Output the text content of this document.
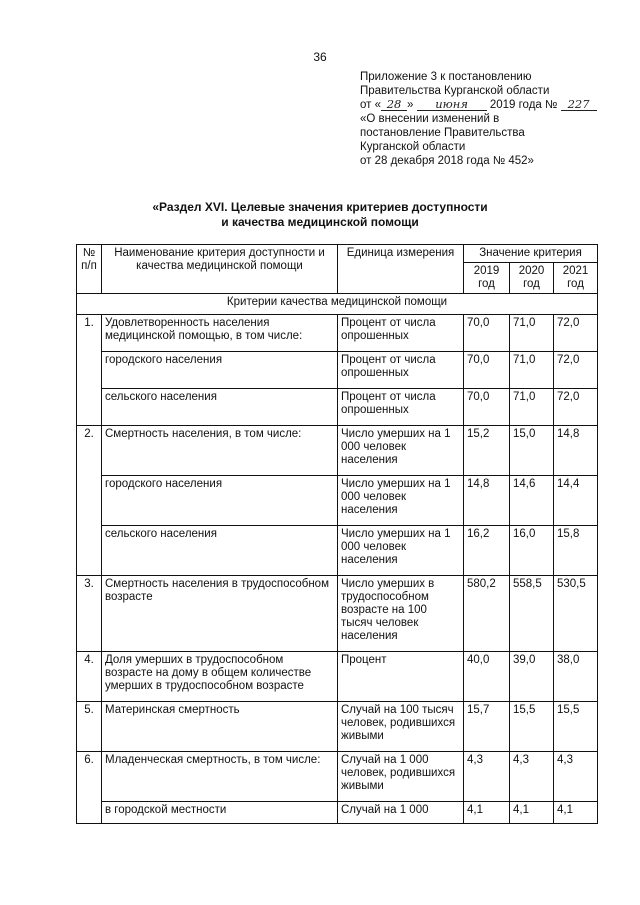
36
Приложение 3 к постановлению
Правительства Курганской области
от « 28 » июня 2019 года № 227
«О внесении изменений в
постановление Правительства
Курганской области
от 28 декабря 2018 года № 452»
«Раздел XVI. Целевые значения критериев доступности
и качества медицинской помощи
№ п/п	Наименование критерия доступности и качества медицинской помощи	Единица измерения	Значение критерия		
			2019 год	2020 год	2021 год
Критерии качества медицинской помощи					
1.	Удовлетворенность населения медицинской помощью, в том числе:	Процент от числа опрошенных	70,0	71,0	72,0
	городского населения	Процент от числа опрошенных	70,0	71,0	72,0
	сельского населения	Процент от числа опрошенных	70,0	71,0	72,0
2.	Смертность населения, в том числе:	Число умерших на 1 000 человек населения	15,2	15,0	14,8
	городского населения	Число умерших на 1 000 человек населения	14,8	14,6	14,4
	сельского населения	Число умерших на 1 000 человек населения	16,2	16,0	15,8
3.	Смертность населения в трудоспособном возрасте	Число умерших в трудоспособном возрасте на 100 тысяч человек населения	580,2	558,5	530,5
4.	Доля умерших в трудоспособном возрасте на дому в общем количестве умерших в трудоспособном возрасте	Процент	40,0	39,0	38,0
5.	Материнская смертность	Случай на 100 тысяч человек, родившихся живыми	15,7	15,5	15,5
6.	Младенческая смертность, в том числе:	Случай на 1 000 человек, родившихся живыми	4,3	4,3	4,3
	в городской местности	Случай на 1 000	4,1	4,1	4,1
